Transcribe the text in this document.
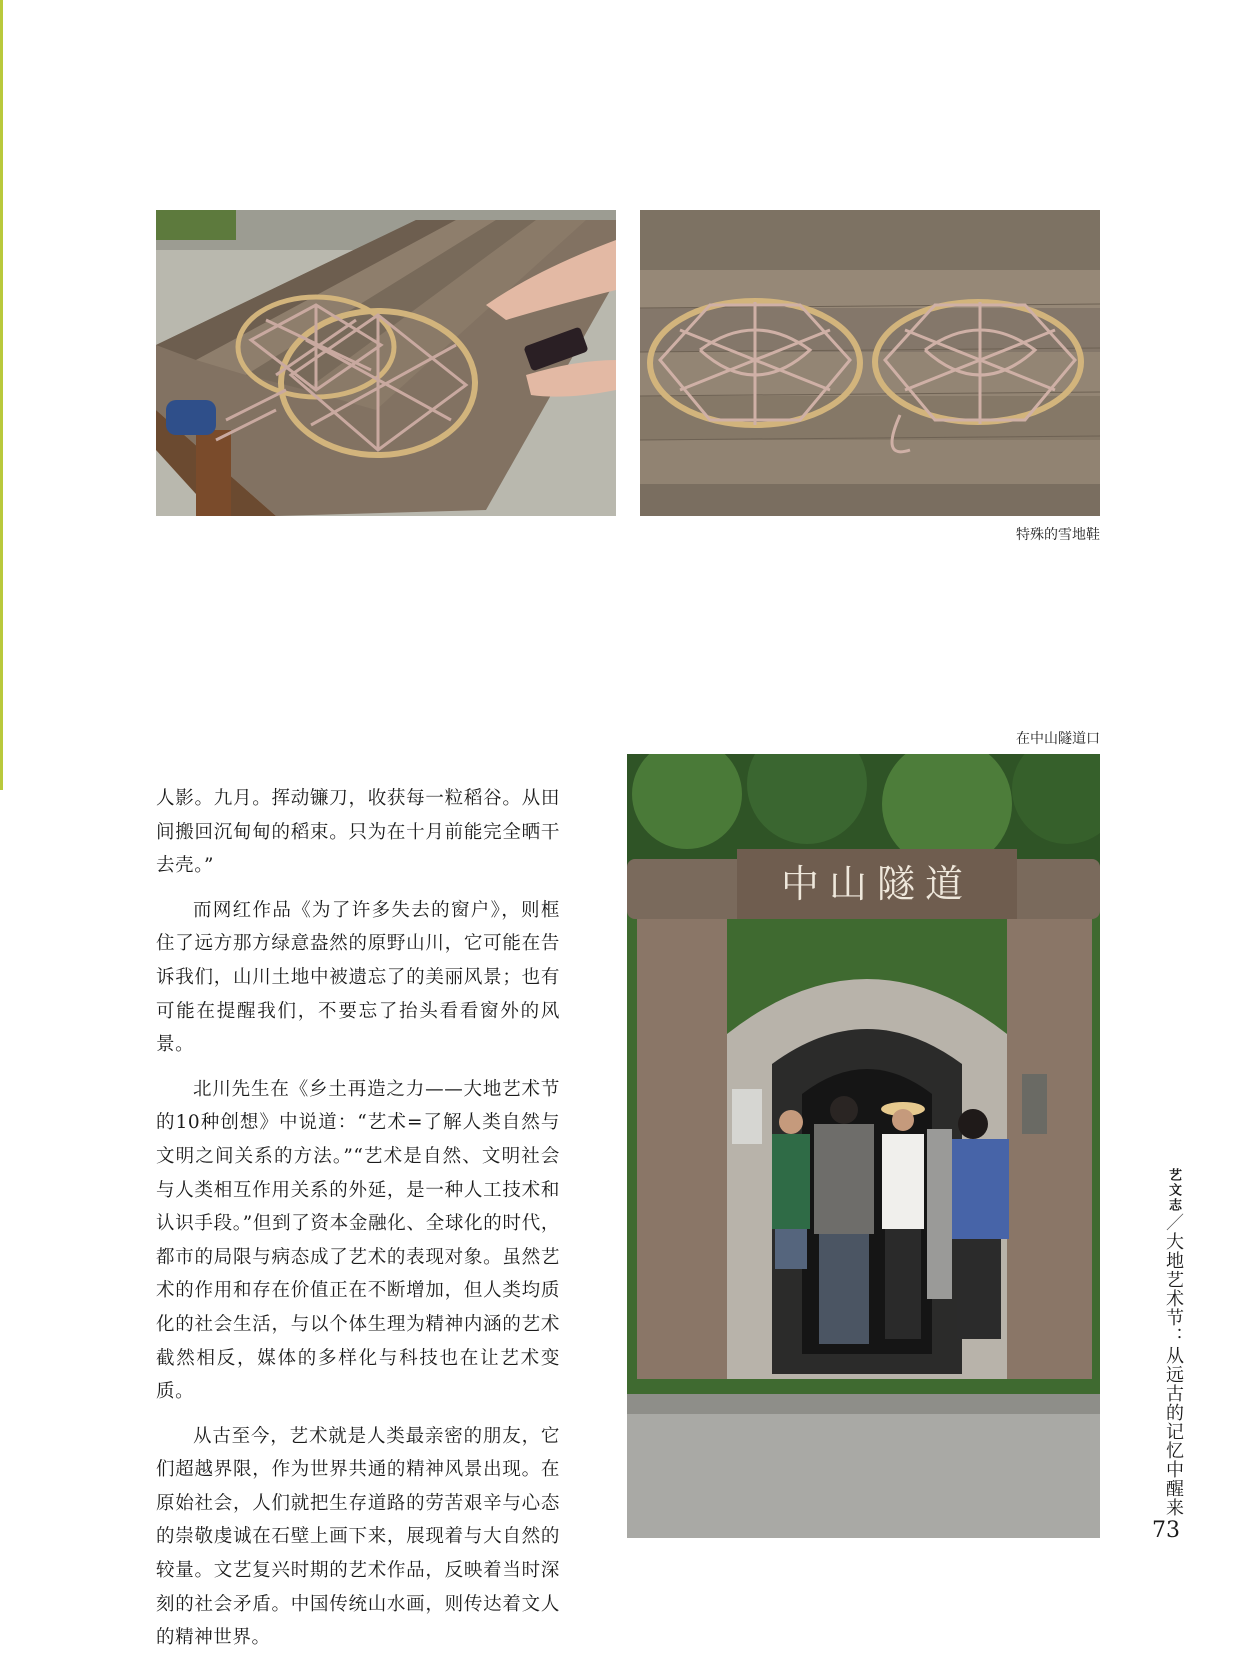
特殊的雪地鞋
在中山隧道口
中山隧道

人影。九月。挥动镰刀，收获每一粒稻谷。从田间搬回沉甸甸的稻束。只为在十月前能完全晒干去壳。”

而网红作品《为了许多失去的窗户》，则框住了远方那方绿意盎然的原野山川，它可能在告诉我们，山川土地中被遗忘了的美丽风景；也有可能在提醒我们，不要忘了抬头看看窗外的风景。

北川先生在《乡土再造之力——大地艺术节的10种创想》中说道：“艺术=了解人类自然与文明之间关系的方法。”“艺术是自然、文明社会与人类相互作用关系的外延，是一种人工技术和认识手段。”但到了资本金融化、全球化的时代，都市的局限与病态成了艺术的表现对象。虽然艺术的作用和存在价值正在不断增加，但人类均质化的社会生活，与以个体生理为精神内涵的艺术截然相反，媒体的多样化与科技也在让艺术变质。

从古至今，艺术就是人类最亲密的朋友，它们超越界限，作为世界共通的精神风景出现。在原始社会，人们就把生存道路的劳苦艰辛与心态的崇敬虔诚在石壁上画下来，展现着与大自然的较量。文艺复兴时期的艺术作品，反映着当时深刻的社会矛盾。中国传统山水画，则传达着文人的精神世界。

艺文志／大地艺术节：从远古的记忆中醒来
73
